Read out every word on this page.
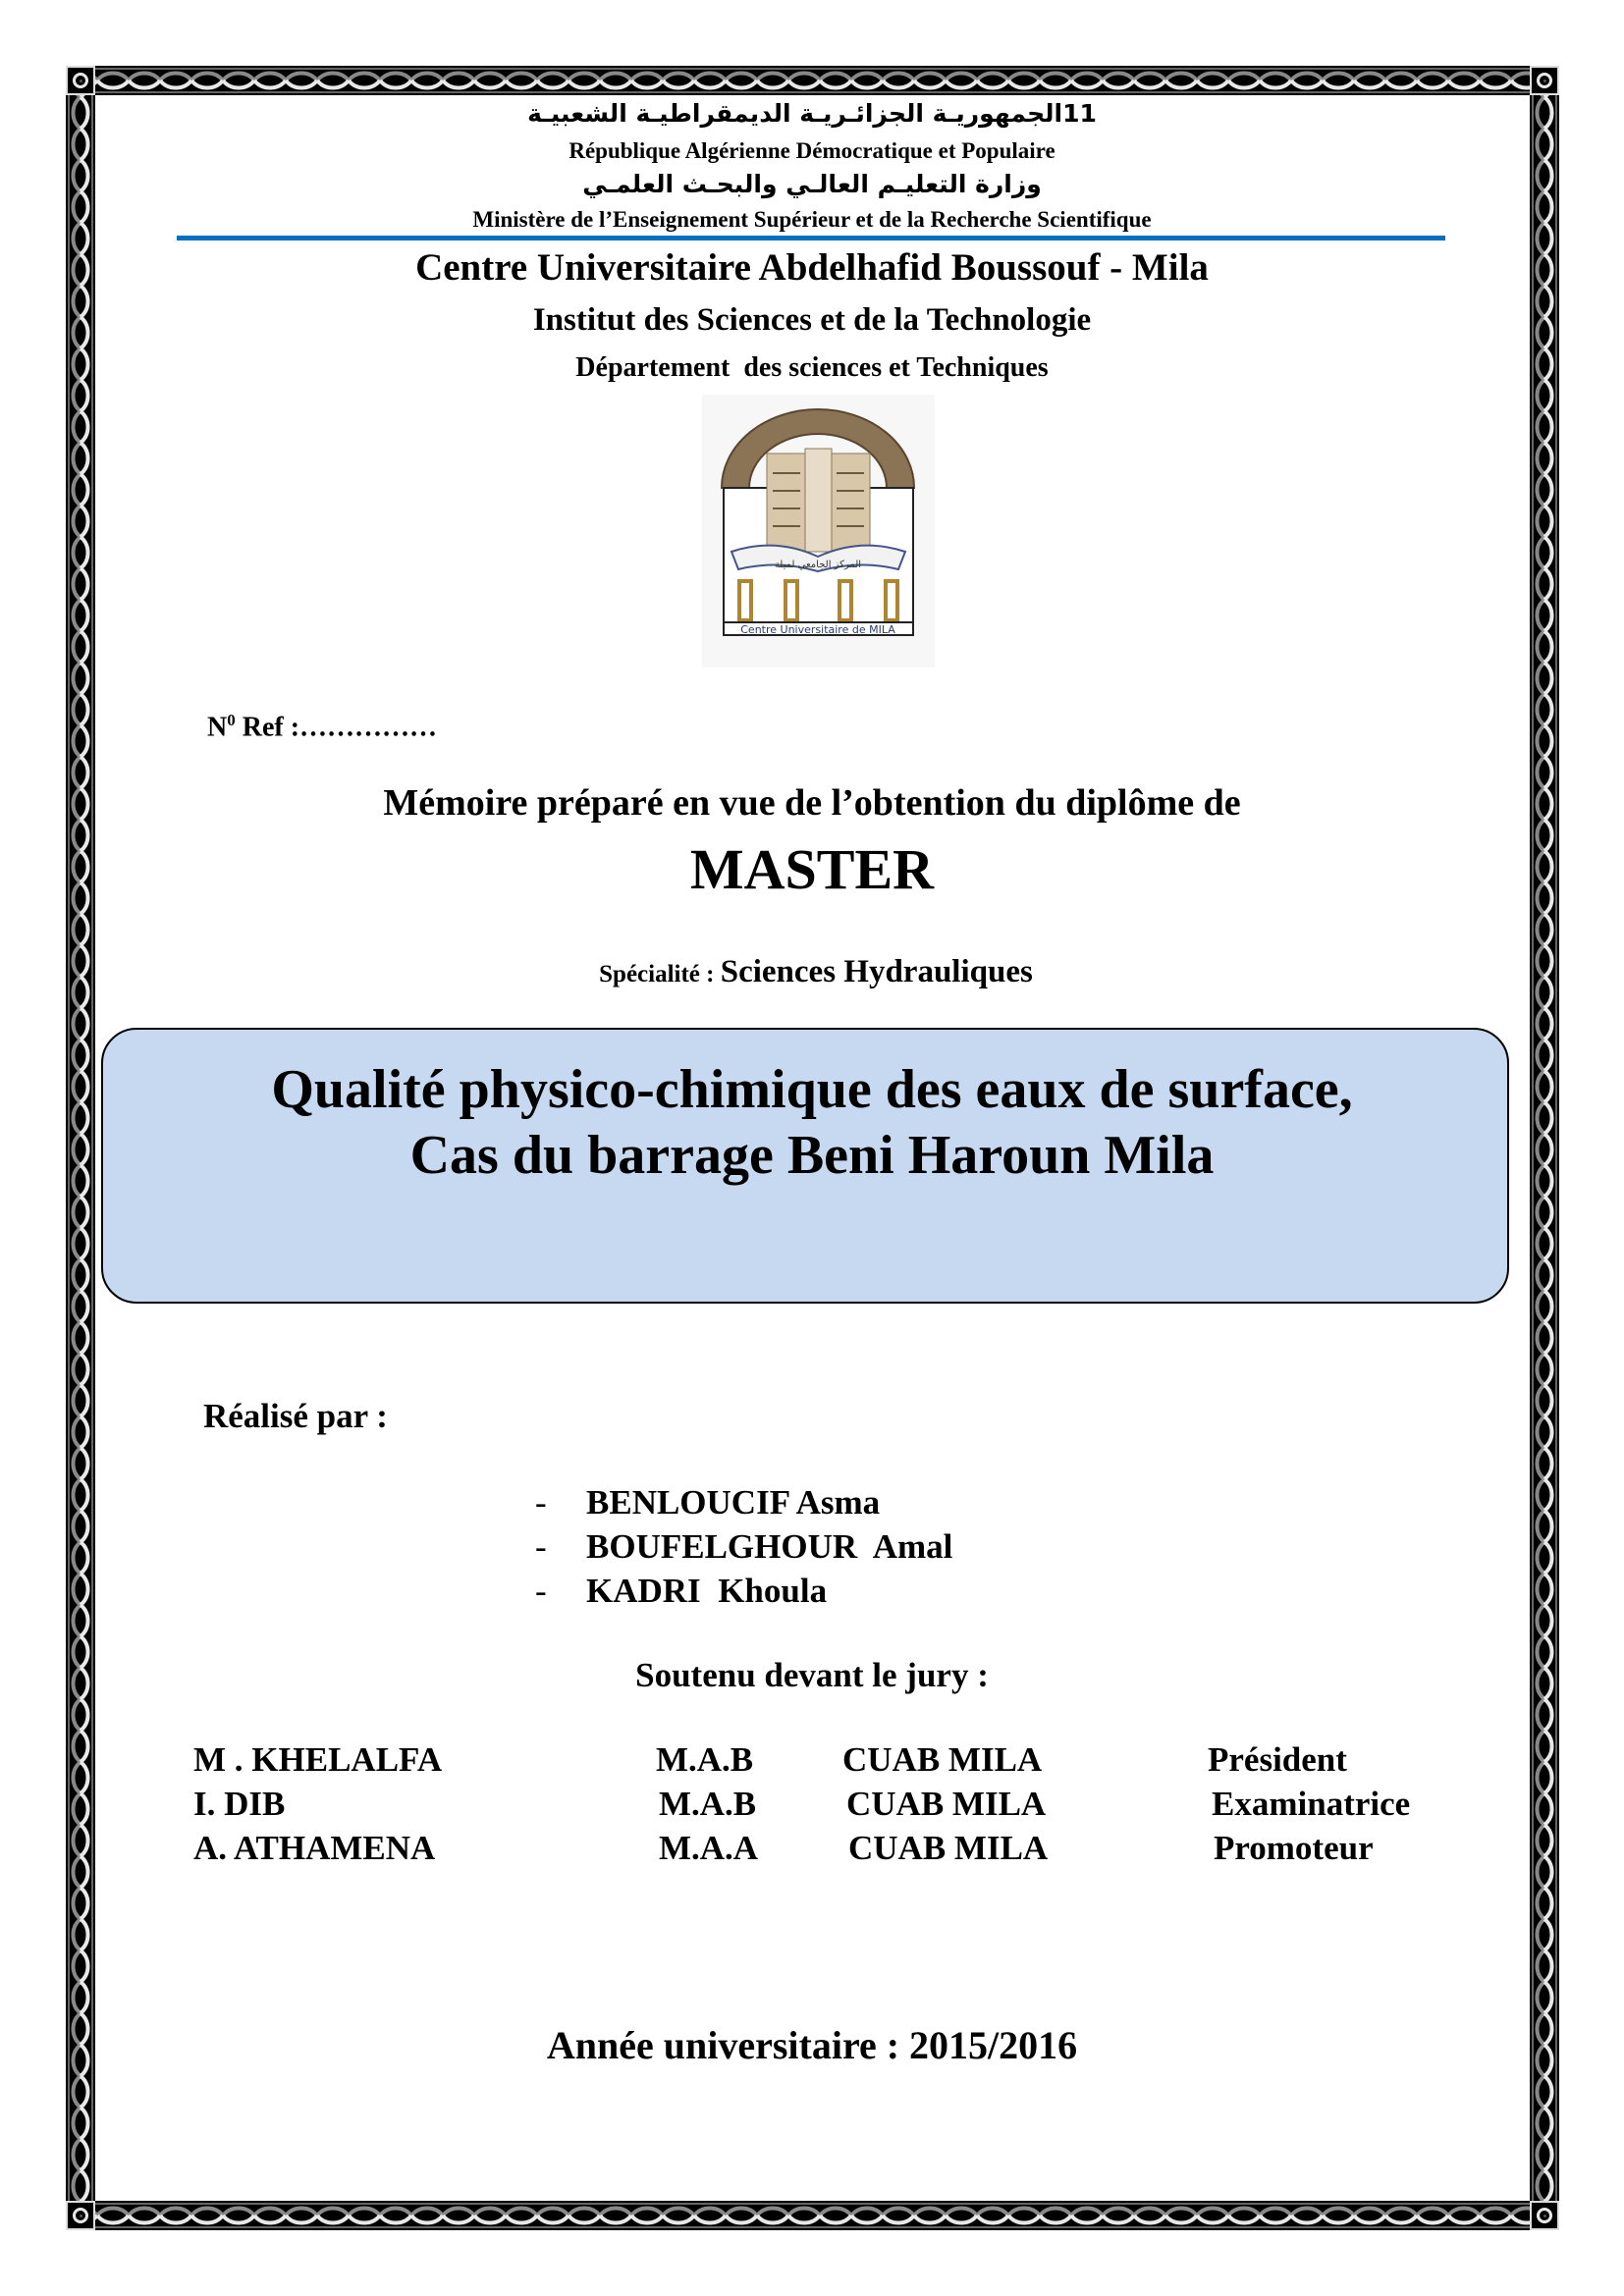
11الجمهوريـة الجزائـريـة الديمقراطيـة الشعبيـة
République Algérienne Démocratique et Populaire
وزارة التعليـم العالـي والبحـث العلمـي
Ministère de l’Enseignement Supérieur et de la Recherche Scientifique
Centre Universitaire Abdelhafid Boussouf - Mila
Institut des Sciences et de la Technologie
Département  des sciences et Techniques
المركز الجامعي لميلة
Centre Universitaire de MILA

$N^0$ Ref :……………

Mémoire préparé en vue de l’obtention du diplôme de
MASTER

Spécialité : Sciences Hydrauliques

Qualité physico-chimique des eaux de surface,
Cas du barrage Beni Haroun Mila
Réalisé par :

- BENLOUCIF Asma

- BOUFELGHOUR Amal

- KADRI Khoula

Soutenu devant le jury :
M . KHELALFA	M.A.B	CUAB MILA	Président
I. DIB	M.A.B	CUAB MILA	Examinatrice
A. ATHAMENA	M.A.A	CUAB MILA	Promoteur
Année universitaire : 2015/2016
